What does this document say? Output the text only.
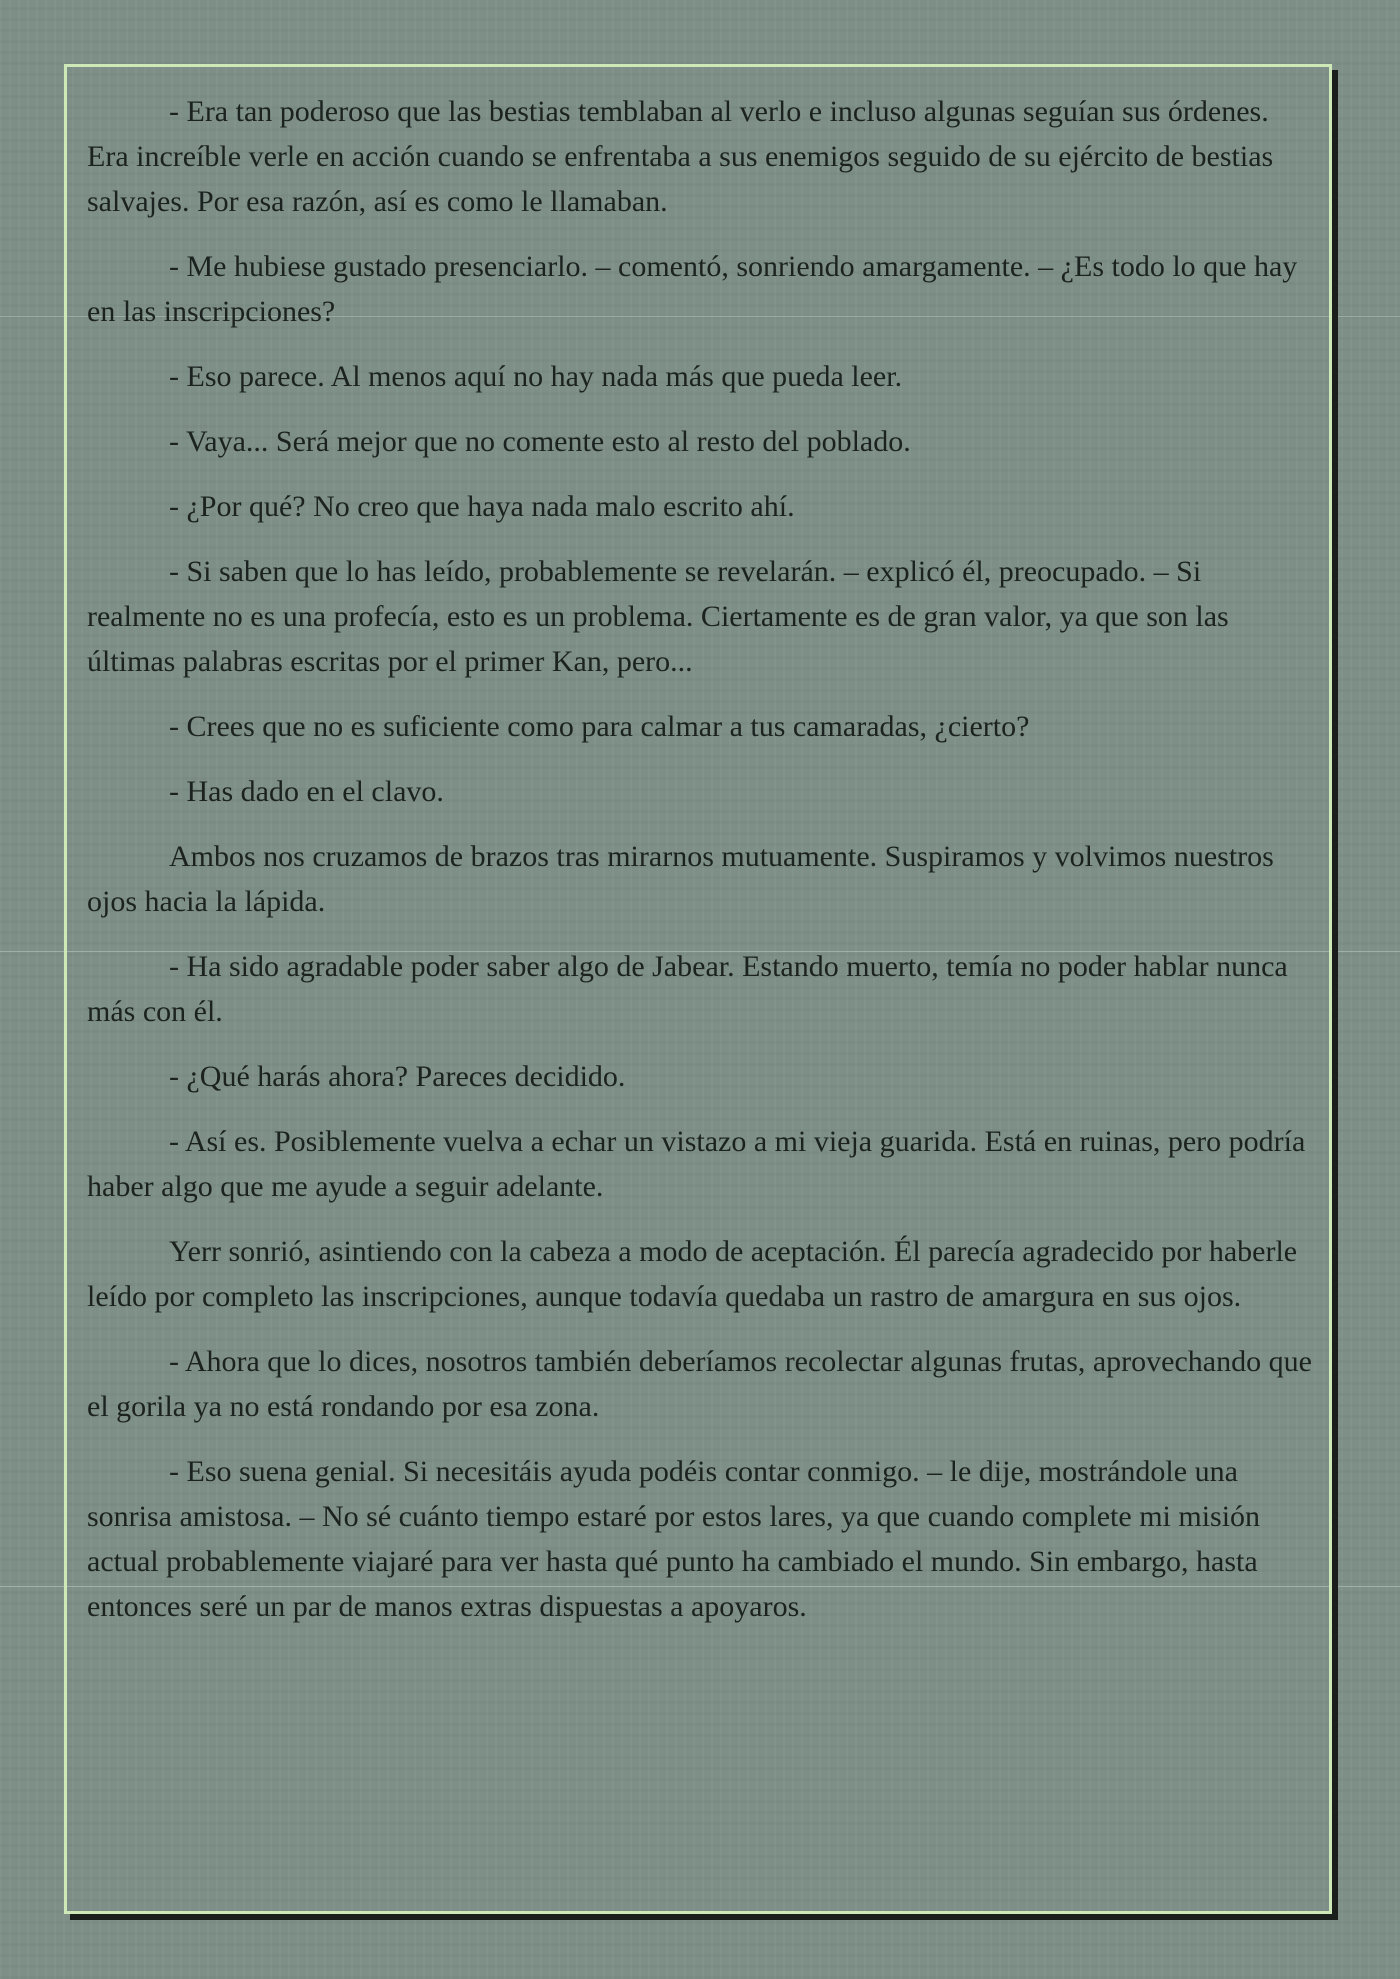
- Era tan poderoso que las bestias temblaban al verlo e incluso algunas seguían sus órdenes. Era increíble verle en acción cuando se enfrentaba a sus enemigos seguido de su ejército de bestias salvajes. Por esa razón, así es como le llamaban.

- Me hubiese gustado presenciarlo. – comentó, sonriendo amargamente. – ¿Es todo lo que hay en las inscripciones?

- Eso parece. Al menos aquí no hay nada más que pueda leer.

- Vaya... Será mejor que no comente esto al resto del poblado.

- ¿Por qué? No creo que haya nada malo escrito ahí.

- Si saben que lo has leído, probablemente se revelarán. – explicó él, preocupado. – Si realmente no es una profecía, esto es un problema. Ciertamente es de gran valor, ya que son las últimas palabras escritas por el primer Kan, pero...

- Crees que no es suficiente como para calmar a tus camaradas, ¿cierto?

- Has dado en el clavo.

Ambos nos cruzamos de brazos tras mirarnos mutuamente. Suspiramos y volvimos nuestros ojos hacia la lápida.

- Ha sido agradable poder saber algo de Jabear. Estando muerto, temía no poder hablar nunca más con él.

- ¿Qué harás ahora? Pareces decidido.

- Así es. Posiblemente vuelva a echar un vistazo a mi vieja guarida. Está en ruinas, pero podría haber algo que me ayude a seguir adelante.

Yerr sonrió, asintiendo con la cabeza a modo de aceptación. Él parecía agradecido por haberle leído por completo las inscripciones, aunque todavía quedaba un rastro de amargura en sus ojos.

- Ahora que lo dices, nosotros también deberíamos recolectar algunas frutas, aprovechando que el gorila ya no está rondando por esa zona.

- Eso suena genial. Si necesitáis ayuda podéis contar conmigo. – le dije, mostrándole una sonrisa amistosa. – No sé cuánto tiempo estaré por estos lares, ya que cuando complete mi misión actual probablemente viajaré para ver hasta qué punto ha cambiado el mundo. Sin embargo, hasta entonces seré un par de manos extras dispuestas a apoyaros.
